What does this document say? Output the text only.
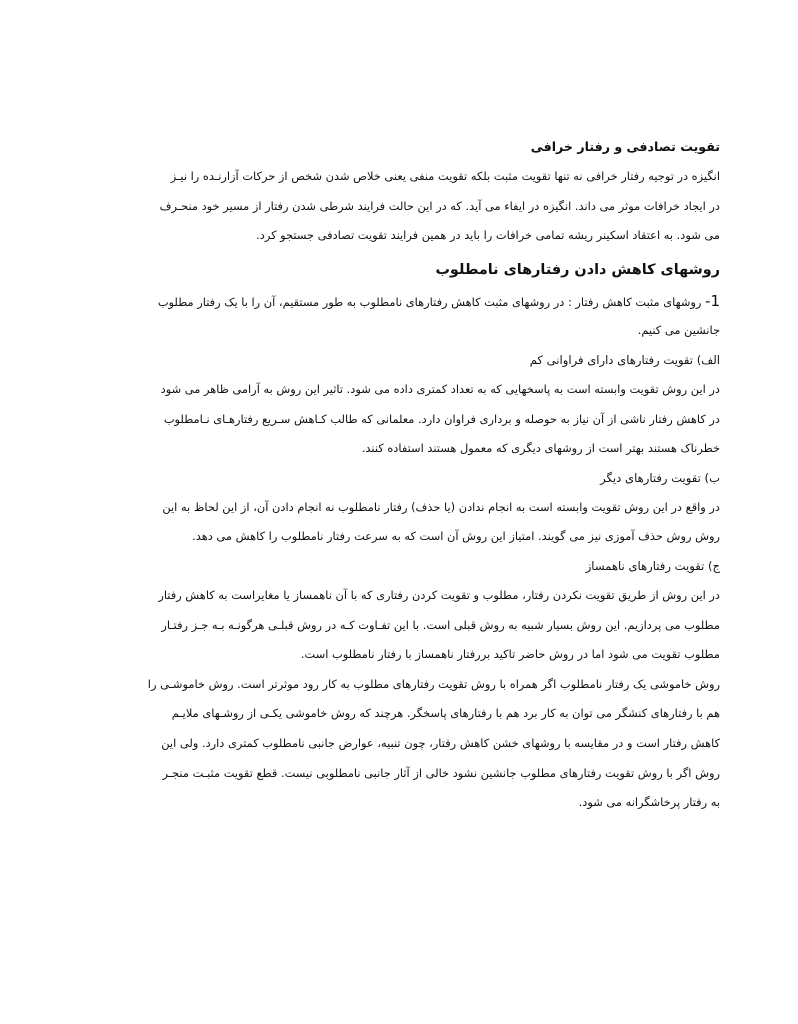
تقویت تصادفی و رفتار خرافی
انگیزه در توجیه رفتار خرافی نه تنها تقویت مثبت بلکه تقویت منفی یعنی خلاص شدن شخص از حرکات آزارنـده را نیـز
در ایجاد خرافات موثر می داند. انگیزه در ایفاء می آید. که در این حالت فرایند شرطی شدن رفتار از مسیر خود منحـرف
می شود. به اعتقاد اسکینر ریشه تمامی خرافات را باید در همین فرایند تقویت تصادفی جستجو کرد.
روشهای کاهش دادن رفتارهای نامطلوب
1- روشهای مثبت کاهش رفتار : در روشهای مثبت کاهش رفتارهای نامطلوب به طور مستقیم، آن را با یک رفتار مطلوب
جانشین می کنیم.
الف) تقویت رفتارهای دارای فراوانی کم
در این روش تقویت وابسته است به پاسخهایی که به تعداد کمتری داده می شود. تاثیر این روش به آرامی ظاهر می شود
در کاهش رفتار ناشی از آن نیاز به حوصله و برداری فراوان دارد. معلمانی که طالب کـاهش سـریع رفتارهـای نـامطلوب
خطرناک هستند بهتر است از روشهای دیگری که معمول هستند استفاده کنند.
ب) تقویت رفتارهای دیگر
در واقع در این روش تقویت وابسته است به انجام ندادن (یا حذف) رفتار نامطلوب نه انجام دادن آن، از این لحاظ به این
روش روش حذف آموزی نیز می گویند. امتیاز این روش آن است که به سرعت رفتار نامطلوب را کاهش می دهد.
ج) تقویت رفتارهای ناهمساز
در این روش از طریق تقویت نکردن رفتار، مطلوب و تقویت کردن رفتاری که با آن ناهمساز یا مغایراست به کاهش رفتار
مطلوب می پردازیم. این روش بسیار شبیه به روش قبلی است. با این تفـاوت کـه در روش قبلـی هرگونـه بـه جـز رفتـار
مطلوب تقویت می شود اما در روش حاضر تاکید بررفتار ناهمساز با رفتار نامطلوب است.
روش خاموشی یک رفتار نامطلوب اگر همراه با روش تقویت رفتارهای مطلوب به کار رود موثرتر است. روش خاموشـی را
هم با رفتارهای کنشگر می توان به کار برد هم با رفتارهای پاسخگر. هرچند که روش خاموشی یکـی از روشـهای ملایـم
کاهش رفتار است و در مقایسه با روشهای خشن کاهش رفتار، چون تنبیه، عوارض جانبی نامطلوب کمتری دارد. ولی این
روش اگر با روش تقویت رفتارهای مطلوب جانشین نشود خالی از آثار جانبی نامطلوبی نیست. قطع تقویت مثبـت منجـر
به رفتار پرخاشگرانه می شود.
